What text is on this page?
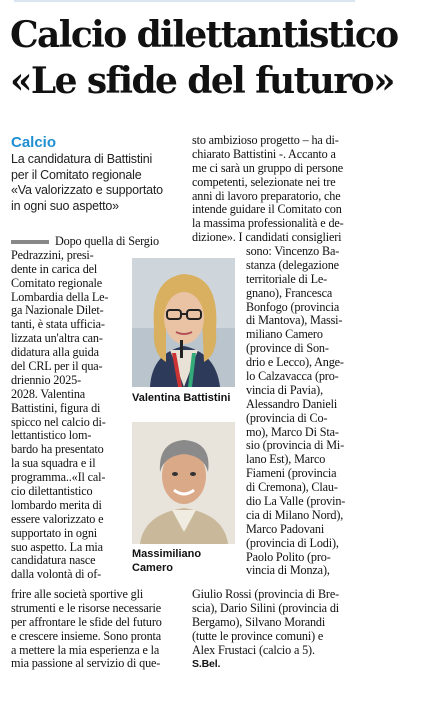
Calcio dilettantistico
«Le sfide del futuro»
Calcio
La candidatura di Battistini
per il Comitato regionale
«Va valorizzato e supportato
in ogni suo aspetto»
Dopo quella di Sergio
Pedrazzini, presi-
dente in carica del
Comitato regionale
Lombardia della Le-
ga Nazionale Dilet-
tanti, è stata ufficia-
lizzata un'altra can-
didatura alla guida
del CRL per il qua-
driennio 2025-
2028. Valentina
Battistini, figura di
spicco nel calcio di-
lettantistico lom-
bardo ha presentato
la sua squadra e il
programma..«Il cal-
cio dilettantistico
lombardo merita di
essere valorizzato e
supportato in ogni
suo aspetto. La mia
candidatura nasce
dalla volontà di of-
frire alle società sportive gli
strumenti e le risorse necessarie
per affrontare le sfide del futuro
e crescere insieme. Sono pronta
a mettere la mia esperienza e la
mia passione al servizio di que-
sto ambizioso progetto – ha di-
chiarato Battistini -. Accanto a
me ci sarà un gruppo di persone
competenti, selezionate nei tre
anni di lavoro preparatorio, che
intende guidare il Comitato con
la massima professionalità e de-
dizione». I candidati consiglieri
sono: Vincenzo Ba-
stanza (delegazione
territoriale di Le-
gnano), Francesca
Bonfogo (provincia
di Mantova), Massi-
miliano Camero
(province di Son-
drio e Lecco), Ange-
lo Calzavacca (pro-
vincia di Pavia),
Alessandro Danieli
(provincia di Co-
mo), Marco Di Sta-
sio (provincia di Mi-
lano Est), Marco
Fiameni (provincia
di Cremona), Clau-
dio La Valle (provin-
cia di Milano Nord),
Marco Padovani
(provincia di Lodi),
Paolo Polito (pro-
vincia di Monza),
Giulio Rossi (provincia di Bre-
scia), Dario Silini (provincia di
Bergamo), Silvano Morandi
(tutte le province comuni) e
Alex Frustaci (calcio a 5).
S.Bel.
Valentina Battistini
Massimiliano
Camero
